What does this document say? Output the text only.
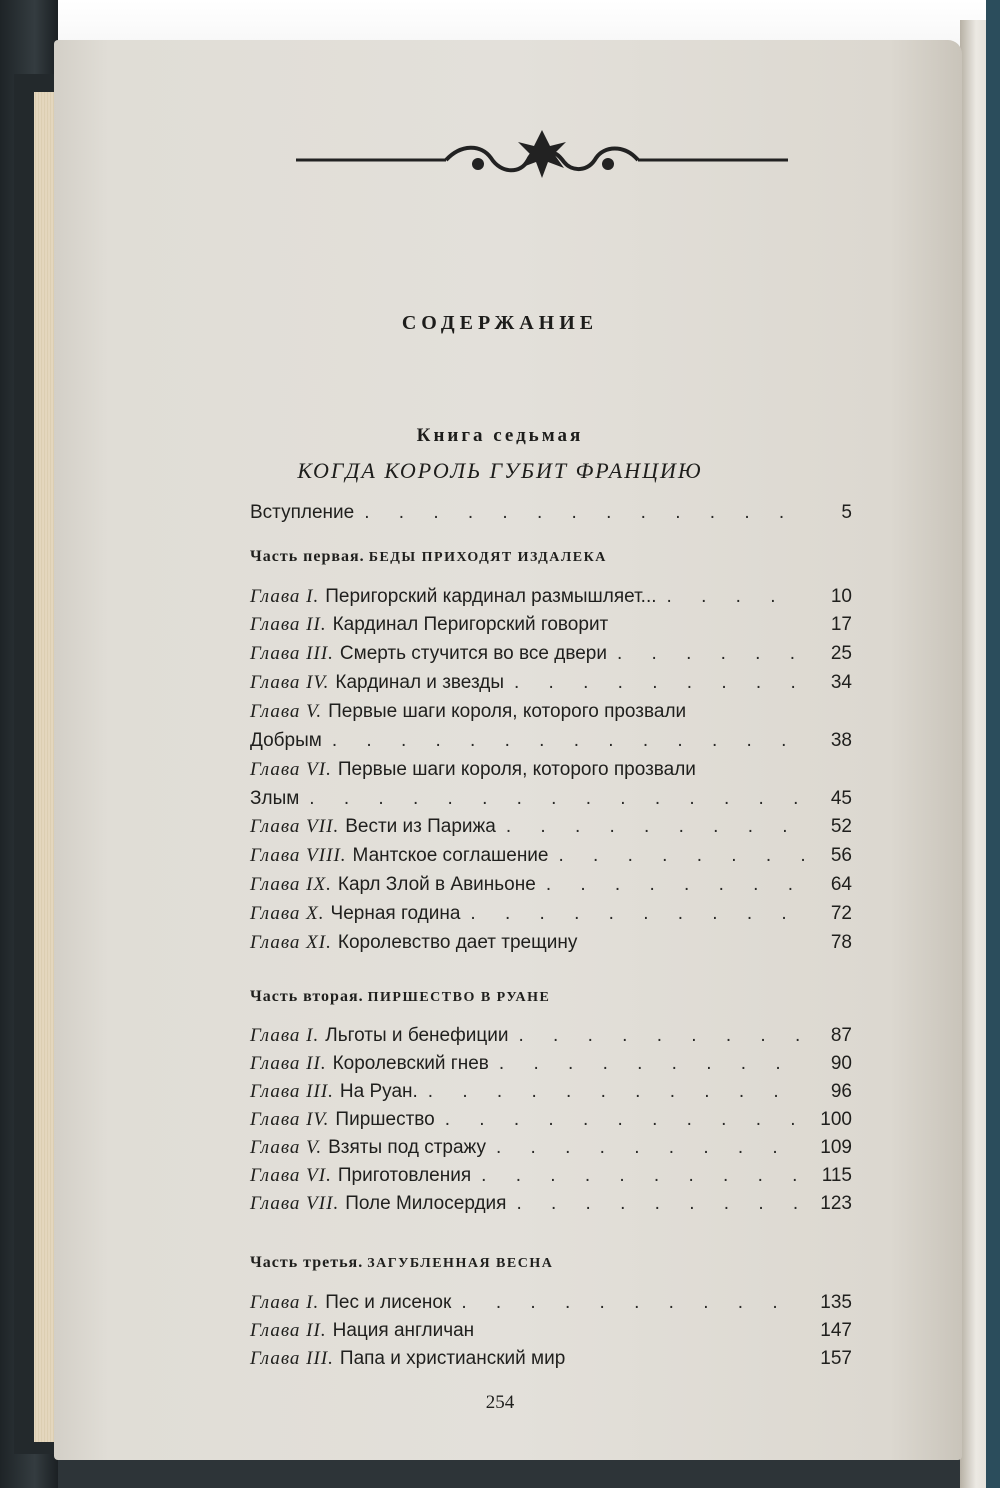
СОДЕРЖАНИЕ
Книга седьмая
КОГДА КОРОЛЬ ГУБИТ ФРАНЦИЮ
Вступление . . .	5
Часть первая. БЕДЫ ПРИХОДЯТ ИЗДАЛЕКА
Глава I. Перигорский кардинал размышляет... . . .	10
Глава II. Кардинал Перигорский говорит	17
Глава III. Смерть стучится во все двери . . .	25
Глава IV. Кардинал и звезды . . .	34
Глава V. Первые шаги короля, которого прозвали
Добрым . . .	38
Глава VI. Первые шаги короля, которого прозвали
Злым . . .	45
Глава VII. Вести из Парижа . . .	52
Глава VIII. Мантское соглашение . . .	56
Глава IX. Карл Злой в Авиньоне . . .	64
Глава X. Черная година . . .	72
Глава XI. Королевство дает трещину	78
Часть вторая. ПИРШЕСТВО В РУАНЕ
Глава I. Льготы и бенефиции . . .	87
Глава II. Королевский гнев . . .	90
Глава III. На Руан. . . .	96
Глава IV. Пиршество . . .	100
Глава V. Взяты под стражу . . .	109
Глава VI. Приготовления . . .	115
Глава VII. Поле Милосердия . . .	123
Часть третья. ЗАГУБЛЕННАЯ ВЕСНА
Глава I. Пес и лисенок . . .	135
Глава II. Нация англичан	147
Глава III. Папа и христианский мир	157
254
